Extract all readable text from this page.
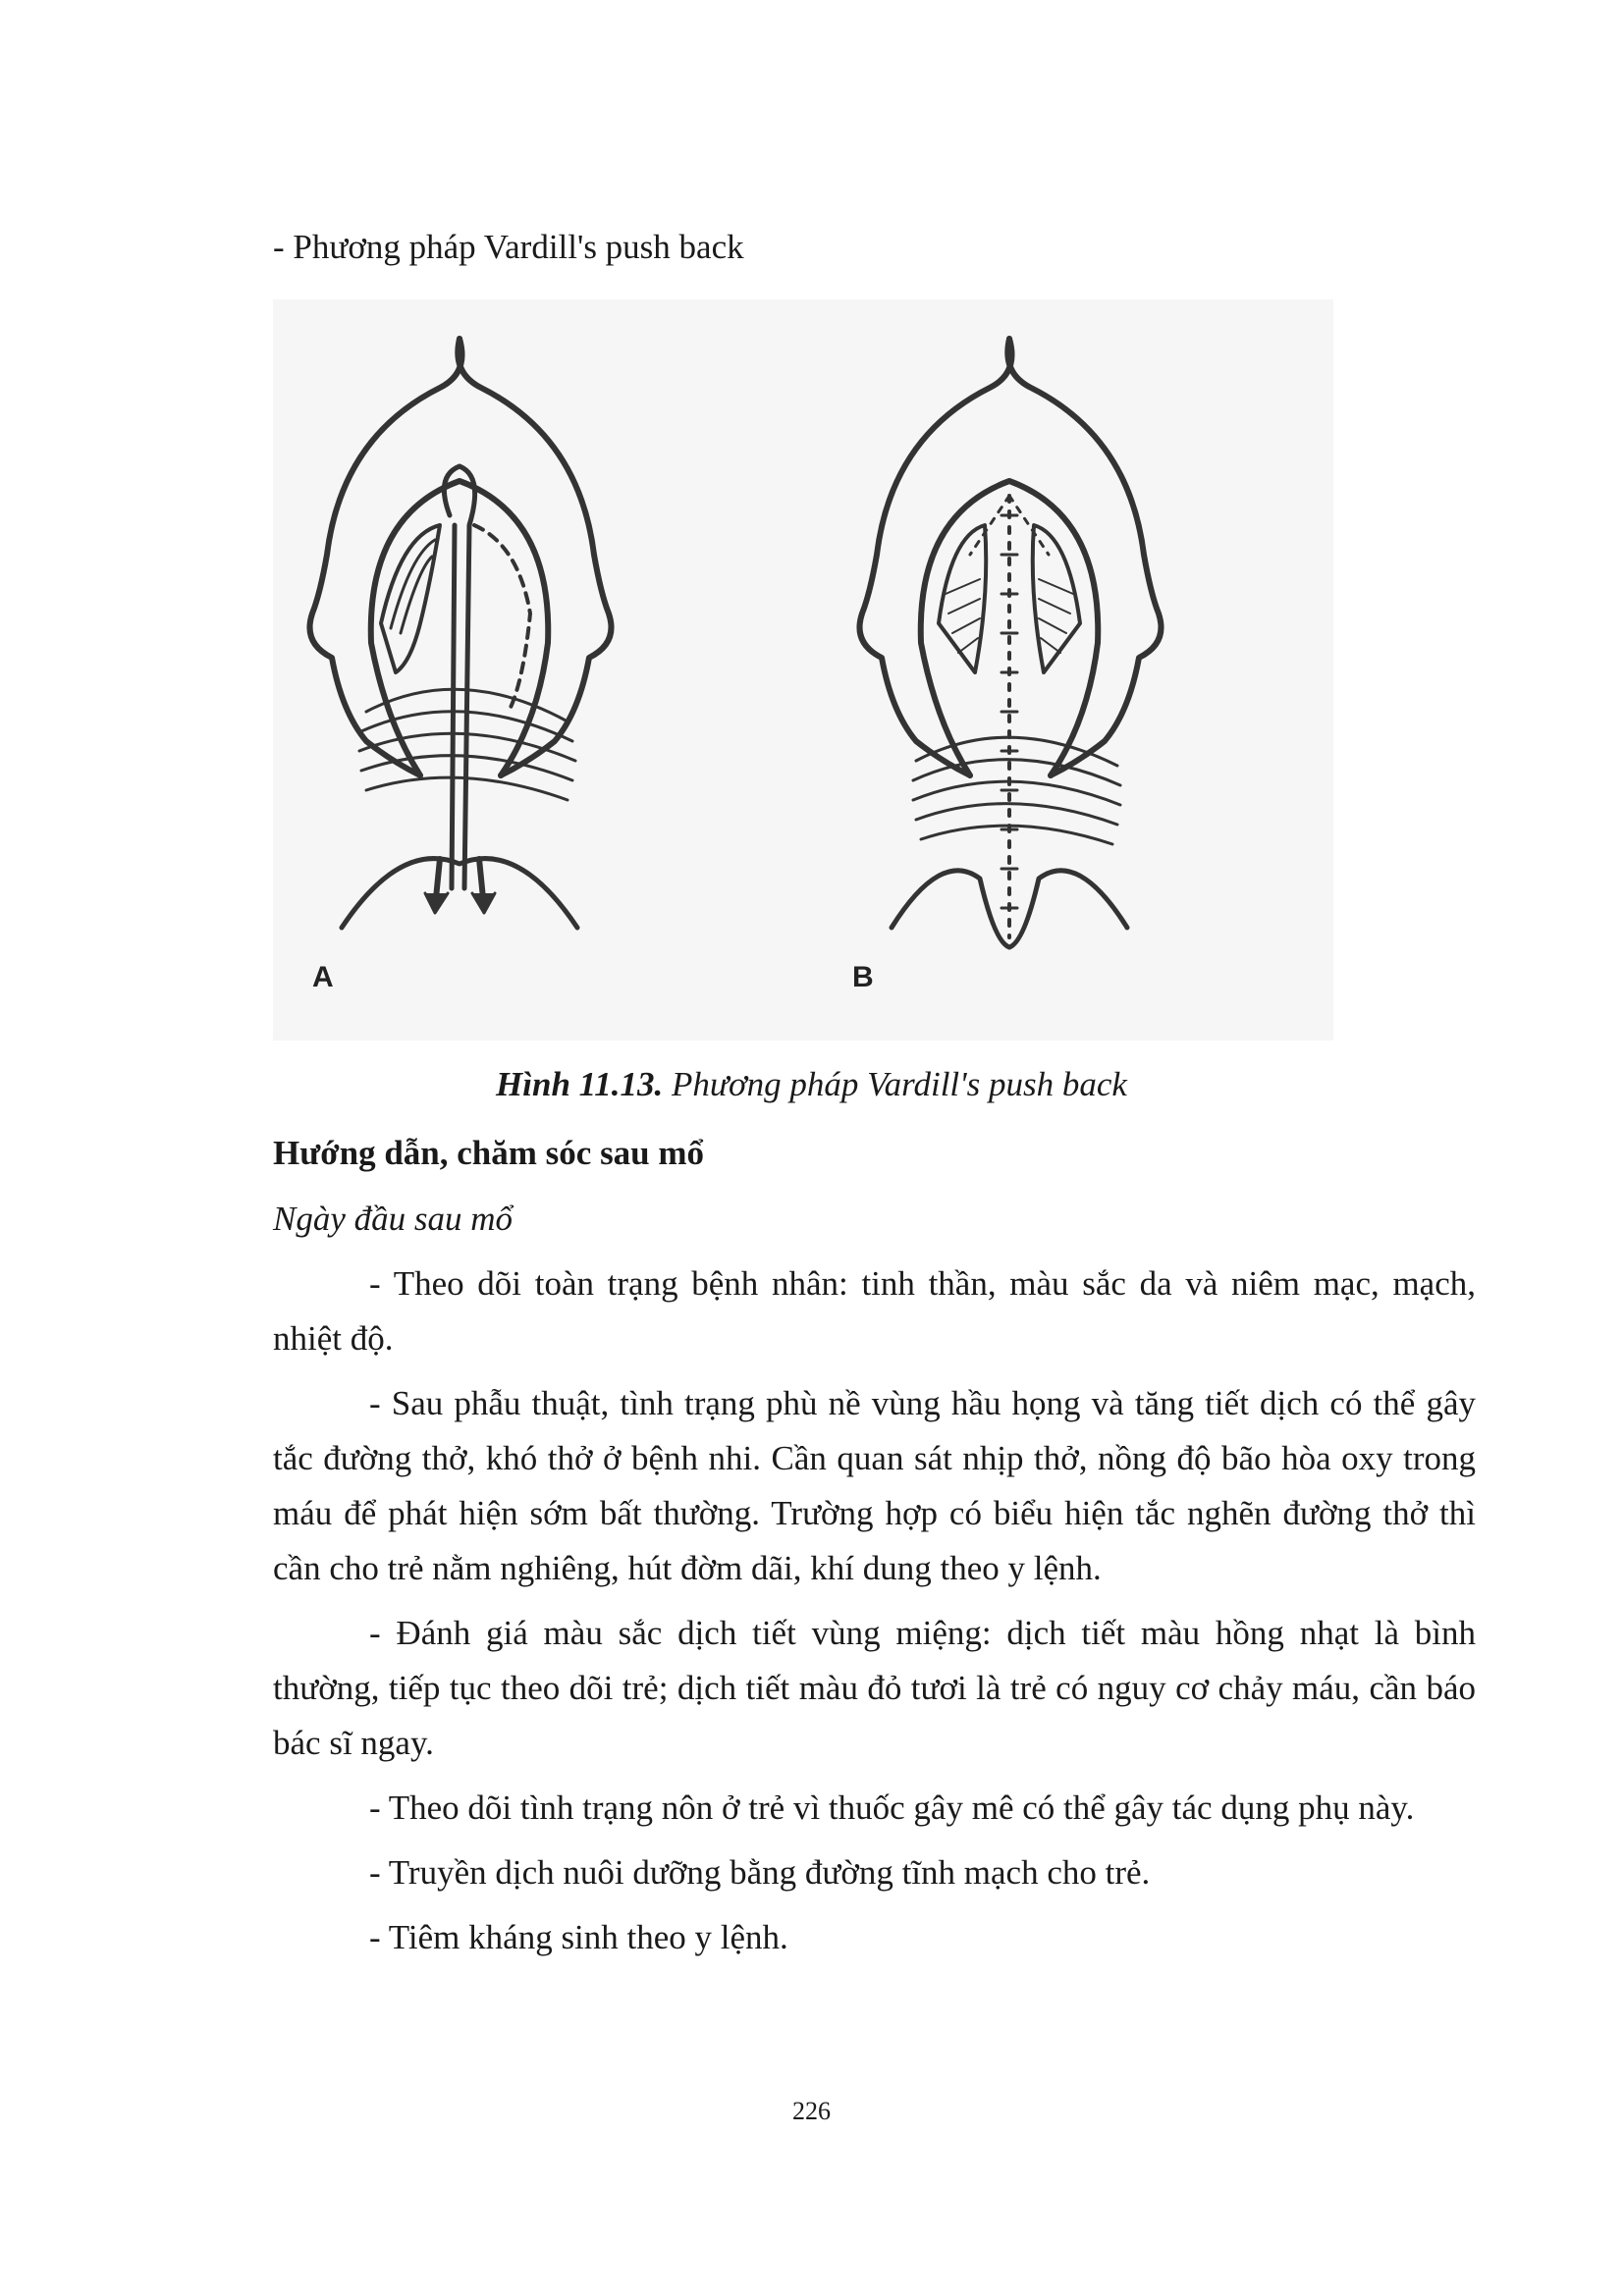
- Phương pháp Vardill's push back
A	B
Hình 11.13. Phương pháp Vardill's push back
Hướng dẫn, chăm sóc sau mổ
Ngày đầu sau mổ

- Theo dõi toàn trạng bệnh nhân: tinh thần, màu sắc da và niêm mạc, mạch, nhiệt độ.

- Sau phẫu thuật, tình trạng phù nề vùng hầu họng và tăng tiết dịch có thể gây tắc đường thở, khó thở ở bệnh nhi. Cần quan sát nhịp thở, nồng độ bão hòa oxy trong máu để phát hiện sớm bất thường. Trường hợp có biểu hiện tắc nghẽn đường thở thì cần cho trẻ nằm nghiêng, hút đờm dãi, khí dung theo y lệnh.

- Đánh giá màu sắc dịch tiết vùng miệng: dịch tiết màu hồng nhạt là bình thường, tiếp tục theo dõi trẻ; dịch tiết màu đỏ tươi là trẻ có nguy cơ chảy máu, cần báo bác sĩ ngay.

- Theo dõi tình trạng nôn ở trẻ vì thuốc gây mê có thể gây tác dụng phụ này.

- Truyền dịch nuôi dưỡng bằng đường tĩnh mạch cho trẻ.

- Tiêm kháng sinh theo y lệnh.

226
